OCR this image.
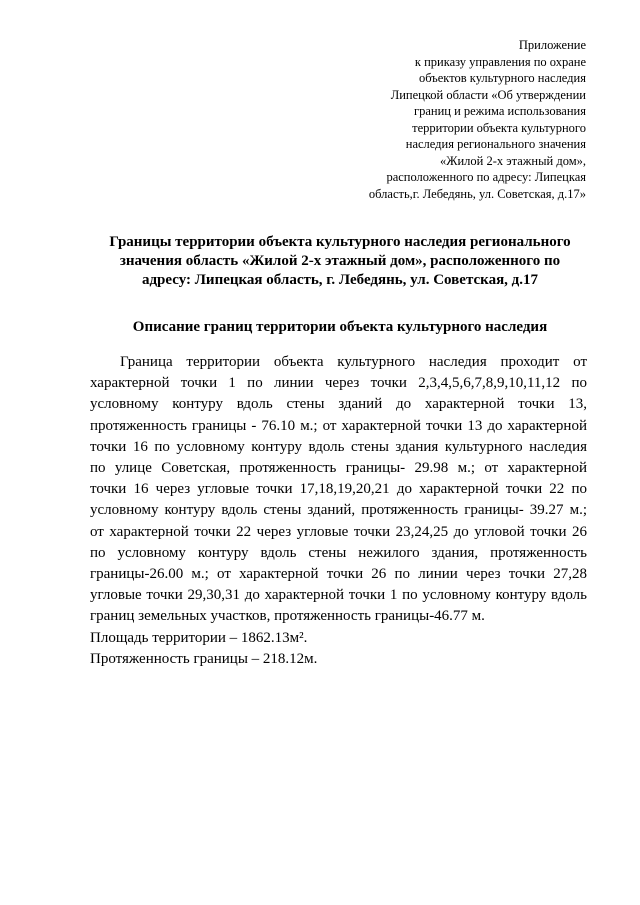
Приложение
к приказу управления по охране
объектов культурного наследия
Липецкой области «Об утверждении
границ и режима использования
территории объекта культурного
наследия регионального значения
«Жилой 2-х этажный дом»,
расположенного по адресу: Липецкая
область,г. Лебедянь, ул. Советская, д.17»
Границы территории объекта культурного наследия регионального
значения область «Жилой 2-х этажный дом», расположенного по
адресу: Липецкая область, г. Лебедянь, ул. Советская, д.17
Описание границ территории объекта культурного наследия
Граница территории объекта культурного наследия проходит от
характерной точки 1 по линии через точки 2,3,4,5,6,7,8,9,10,11,12 по
условному контуру вдоль стены зданий до характерной точки 13,
протяженность границы - 76.10 м.; от характерной точки 13 до характерной
точки 16 по условному контуру вдоль стены здания культурного наследия
по улице Советская, протяженность границы- 29.98 м.; от характерной
точки 16 через угловые точки 17,18,19,20,21 до характерной точки 22 по
условному контуру вдоль стены зданий, протяженность границы- 39.27 м.;
от характерной точки 22 через угловые точки 23,24,25 до угловой точки 26
по условному контуру вдоль стены нежилого здания, протяженность
границы-26.00 м.; от характерной точки 26 по линии через точки 27,28
угловые точки 29,30,31 до характерной точки 1 по условному контуру вдоль
границ земельных участков, протяженность границы-46.77 м.
Площадь территории – 1862.13м².
Протяженность границы – 218.12м.
